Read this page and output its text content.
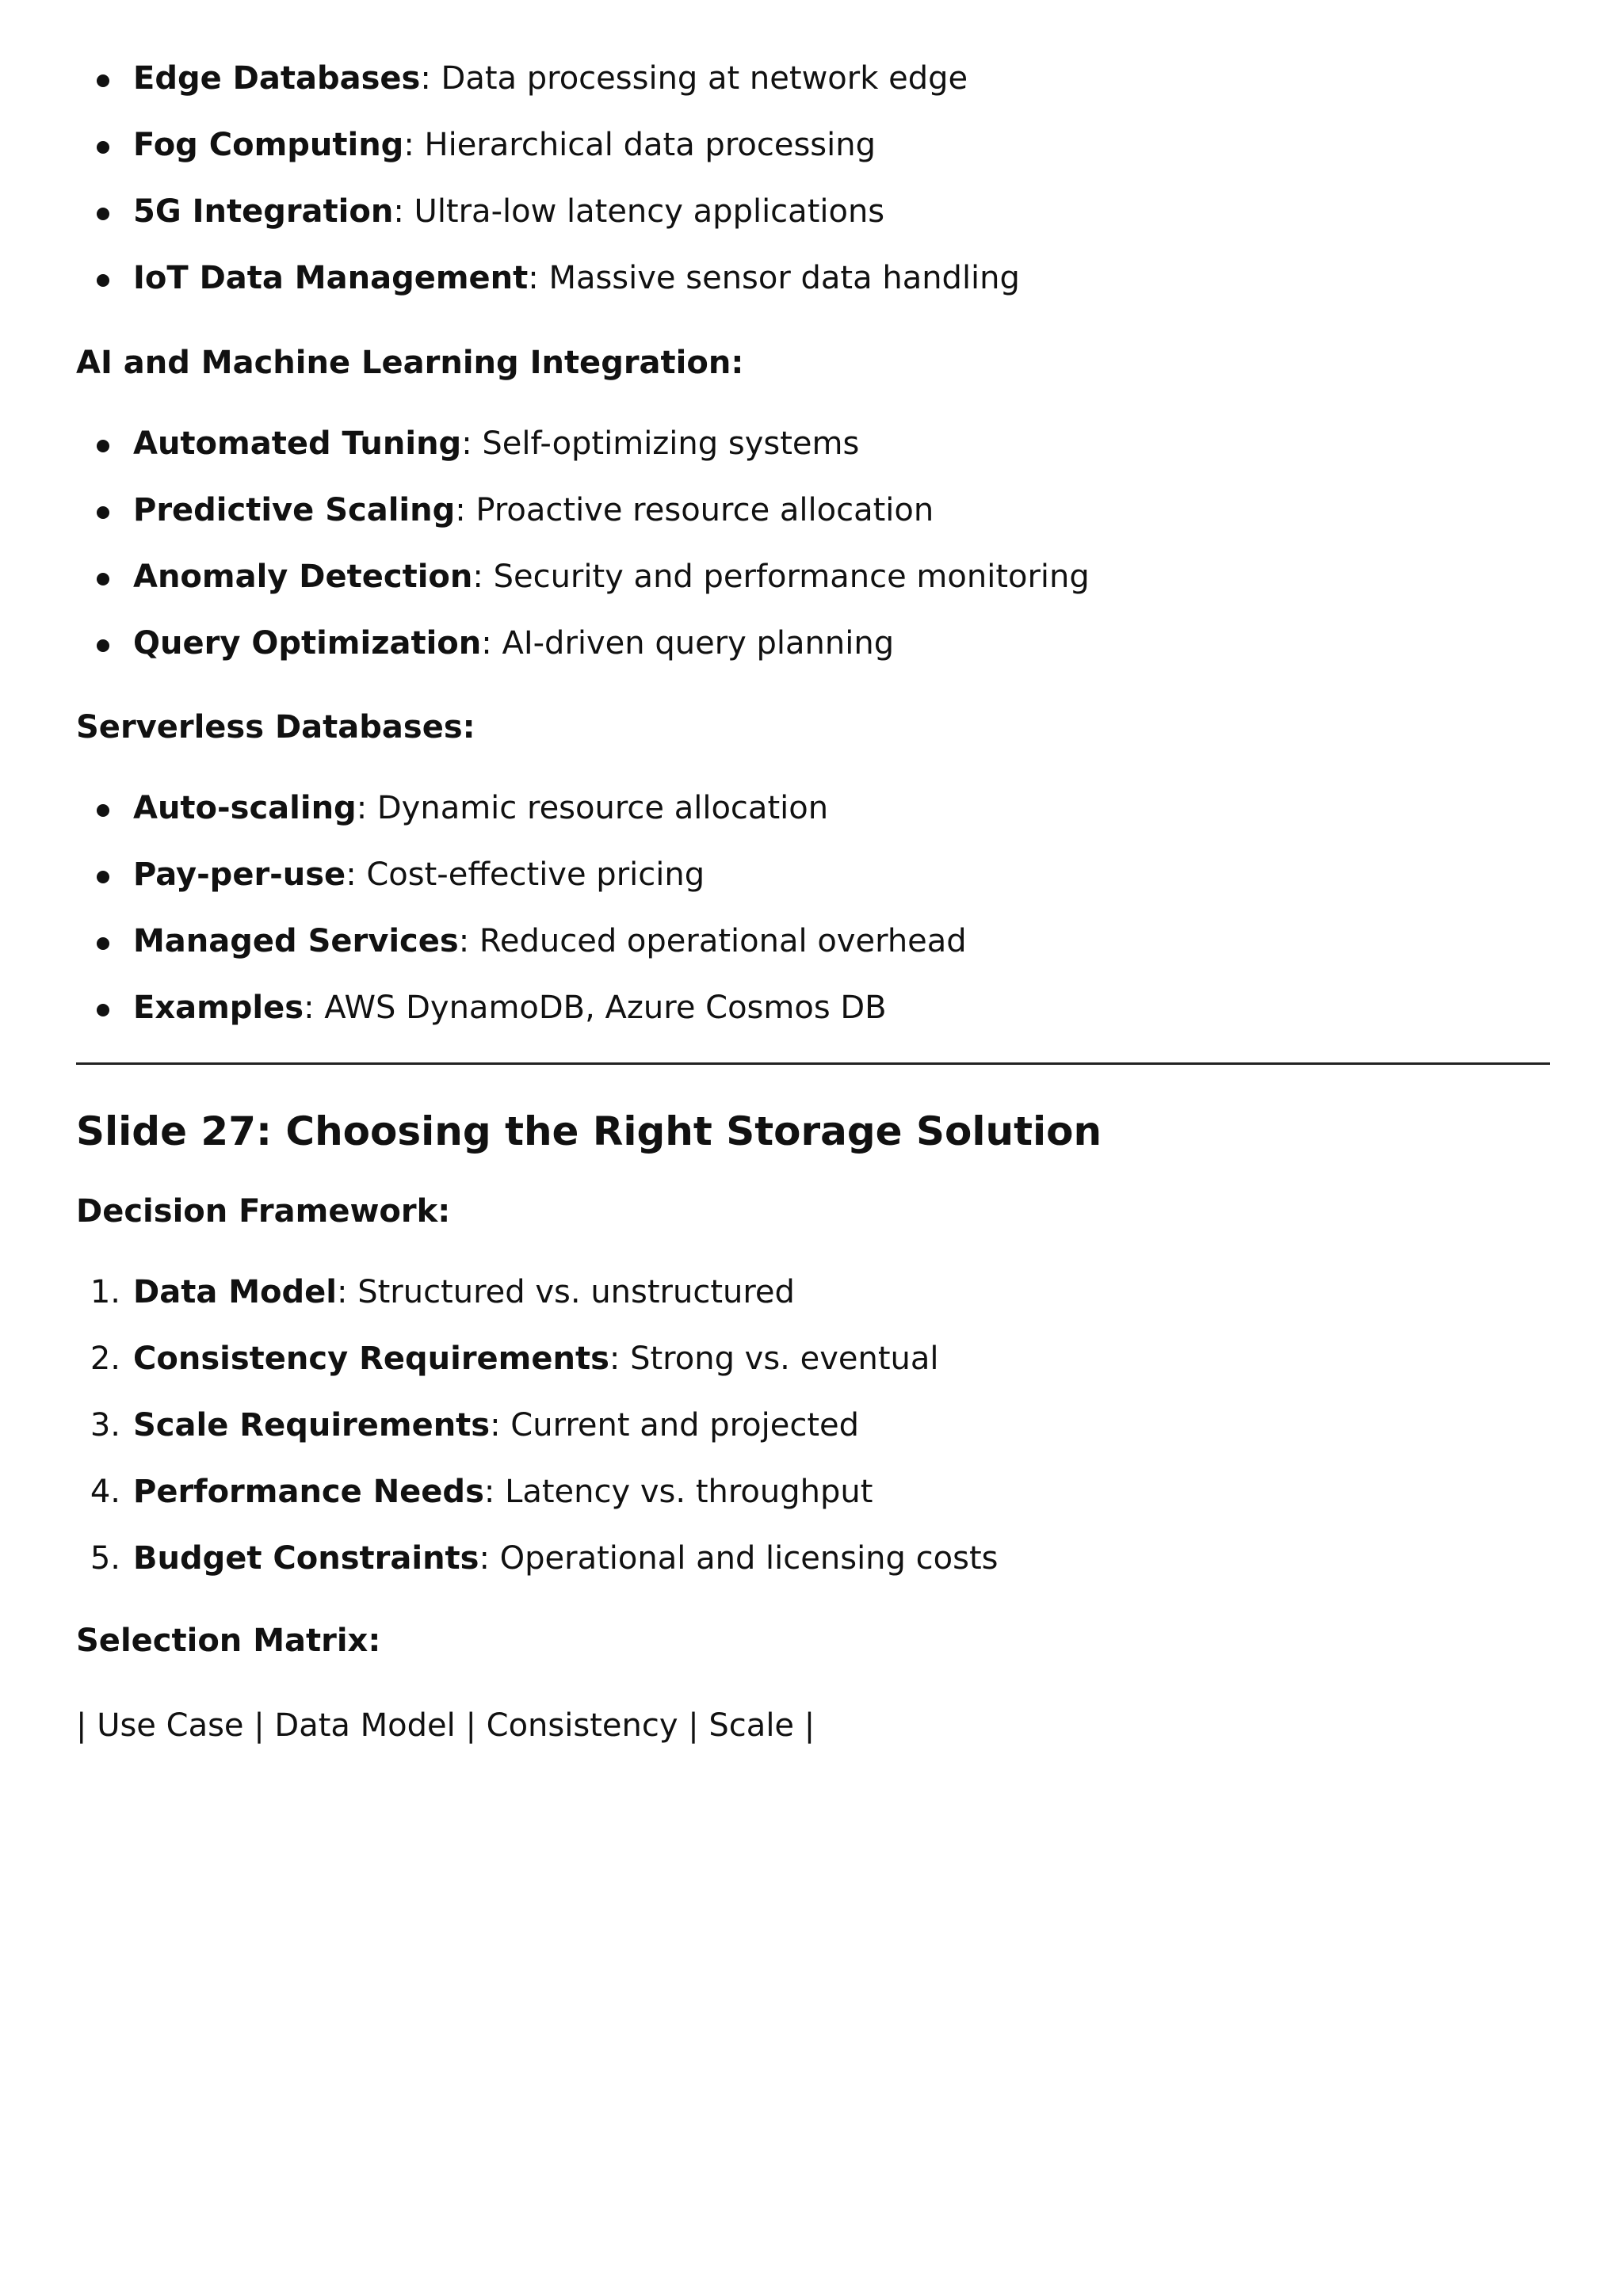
Edge Databases: Data processing at network edge
Fog Computing: Hierarchical data processing
5G Integration: Ultra-low latency applications
IoT Data Management: Massive sensor data handling
AI and Machine Learning Integration:
Automated Tuning: Self-optimizing systems
Predictive Scaling: Proactive resource allocation
Anomaly Detection: Security and performance monitoring
Query Optimization: AI-driven query planning
Serverless Databases:
Auto-scaling: Dynamic resource allocation
Pay-per-use: Cost-effective pricing
Managed Services: Reduced operational overhead
Examples: AWS DynamoDB, Azure Cosmos DB
Slide 27: Choosing the Right Storage Solution
Decision Framework:
1. Data Model: Structured vs. unstructured
2. Consistency Requirements: Strong vs. eventual
3. Scale Requirements: Current and projected
4. Performance Needs: Latency vs. throughput
5. Budget Constraints: Operational and licensing costs
Selection Matrix:
| Use Case | Data Model | Consistency | Scale |
